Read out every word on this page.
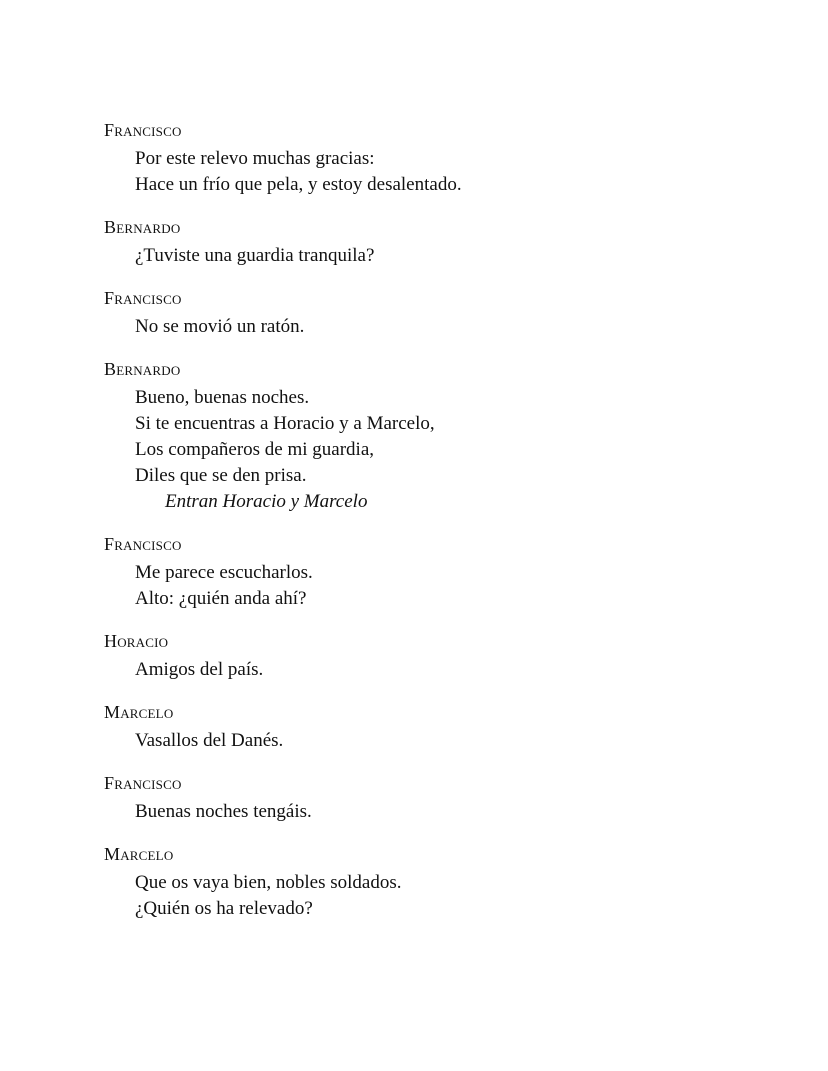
Francisco
Por este relevo muchas gracias:
Hace un frío que pela, y estoy desalentado.
Bernardo
¿Tuviste una guardia tranquila?
Francisco
No se movió un ratón.
Bernardo
Bueno, buenas noches.
Si te encuentras a Horacio y a Marcelo,
Los compañeros de mi guardia,
Diles que se den prisa.
Entran Horacio y Marcelo
Francisco
Me parece escucharlos.
Alto: ¿quién anda ahí?
Horacio
Amigos del país.
Marcelo
Vasallos del Danés.
Francisco
Buenas noches tengáis.
Marcelo
Que os vaya bien, nobles soldados.
¿Quién os ha relevado?
